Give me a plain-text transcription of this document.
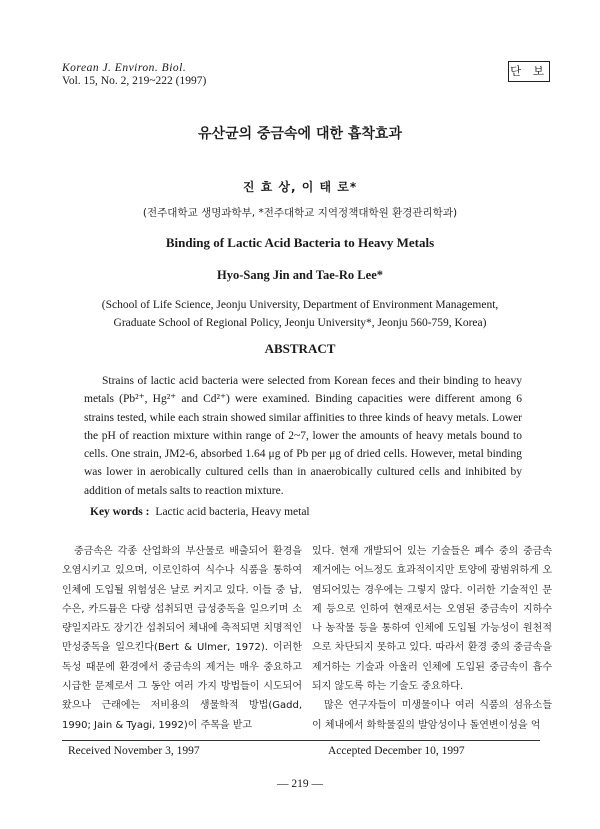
Korean J. Environ. Biol.
Vol. 15, No. 2, 219~222 (1997)
단 보
유산균의 중금속에 대한 흡착효과
진 효 상, 이 태 로*
(전주대학교 생명과학부, *전주대학교 지역정책대학원 환경관리학과)
Binding of Lactic Acid Bacteria to Heavy Metals
Hyo-Sang Jin and Tae-Ro Lee*
(School of Life Science, Jeonju University, Department of Environment Management,
Graduate School of Regional Policy, Jeonju University*, Jeonju 560-759, Korea)
ABSTRACT

Strains of lactic acid bacteria were selected from Korean feces and their binding to heavy metals (Pb²⁺, Hg²⁺ and Cd²⁺) were examined. Binding capacities were different among 6 strains tested, while each strain showed similar affinities to three kinds of heavy metals. Lower the pH of reaction mixture within range of 2~7, lower the amounts of heavy metals bound to cells. One strain, JM2-6, absorbed 1.64 μg of Pb per μg of dried cells. However, metal binding was lower in aerobically cultured cells than in anaerobically cultured cells and inhibited by addition of metals salts to reaction mixture.

Key words : Lactic acid bacteria, Heavy metal

중금속은 각종 산업화의 부산물로 배출되어 환경을 오염시키고 있으며, 이로인하여 식수나 식품을 통하여 인체에 도입될 위험성은 날로 커지고 있다. 이들 중 납, 수은, 카드뮴은 다량 섭취되면 급성중독을 일으키며 소량일지라도 장기간 섭취되어 체내에 축적되면 치명적인 만성중독을 일으킨다(Bert & Ulmer, 1972). 이러한 독성 때문에 환경에서 중금속의 제거는 매우 중요하고 시급한 문제로서 그 동안 여러 가지 방법들이 시도되어 왔으나 근래에는 저비용의 생물학적 방법(Gadd, 1990; Jain & Tyagi, 1992)이 주목을 받고

있다. 현재 개발되어 있는 기술들은 폐수 중의 중금속 제거에는 어느정도 효과적이지만 토양에 광범위하게 오염되어있는 경우에는 그렇지 않다. 이러한 기술적인 문제 등으로 인하여 현재로서는 오염된 중금속이 지하수나 농작물 등을 통하여 인체에 도입될 가능성이 원천적으로 차단되지 못하고 있다. 따라서 환경 중의 중금속을 제거하는 기술과 아울러 인체에 도입된 중금속이 흡수되지 않도록 하는 기술도 중요하다.

많은 연구자들이 미생물이나 여러 식품의 섬유소들이 체내에서 화학물질의 발암성이나 돌연변이성을 억

Received November 3, 1997	Accepted December 10, 1997
— 219 —
